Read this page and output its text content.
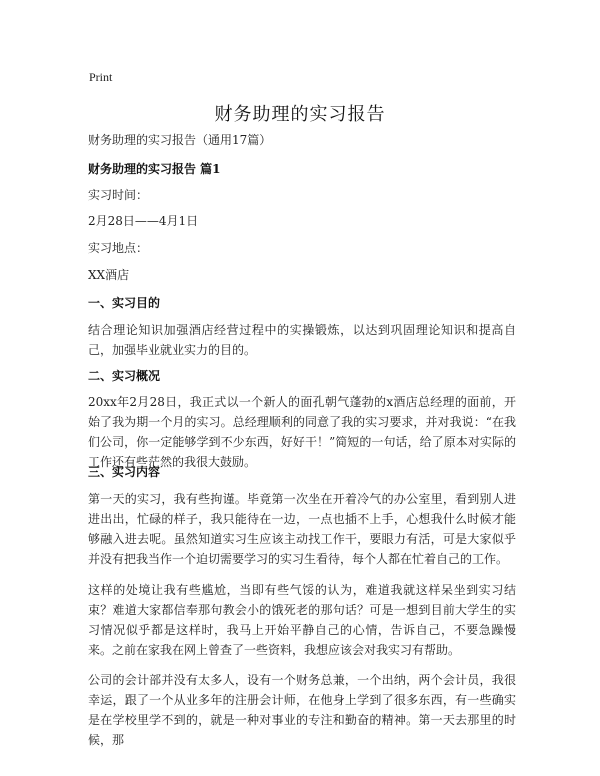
Print
财务助理的实习报告
财务助理的实习报告（通用17篇）
财务助理的实习报告 篇1
实习时间：
2月28日——4月1日
实习地点：
XX酒店
一、实习目的
结合理论知识加强酒店经营过程中的实操锻炼，以达到巩固理论知识和提高自己，加强毕业就业实力的目的。
二、实习概况
20xx年2月28日，我正式以一个新人的面孔朝气蓬勃的x酒店总经理的面前，开始了我为期一个月的实习。总经理顺利的同意了我的实习要求，并对我说：“在我们公司，你一定能够学到不少东西，好好干！”简短的一句话，给了原本对实际的工作还有些茫然的我很大鼓励。
三、实习内容
第一天的实习，我有些拘谨。毕竟第一次坐在开着冷气的办公室里，看到别人进进出出，忙碌的样子，我只能待在一边，一点也插不上手，心想我什么时候才能够融入进去呢。虽然知道实习生应该主动找工作干，要眼力有活，可是大家似乎并没有把我当作一个迫切需要学习的实习生看待，每个人都在忙着自己的工作。
这样的处境让我有些尴尬，当即有些气馁的认为，难道我就这样呆坐到实习结束？难道大家都信奉那句教会小的饿死老的那句话？可是一想到目前大学生的实习情况似乎都是这样时，我马上开始平静自己的心情，告诉自己，不要急躁慢来。之前在家我在网上曾查了一些资料，我想应该会对我实习有帮助。
公司的会计部并没有太多人，设有一个财务总兼，一个出纳，两个会计员，我很幸运，跟了一个从业多年的注册会计师，在他身上学到了很多东西，有一些确实是在学校里学不到的，就是一种对事业的专注和勤奋的精神。第一天去那里的时候，那
